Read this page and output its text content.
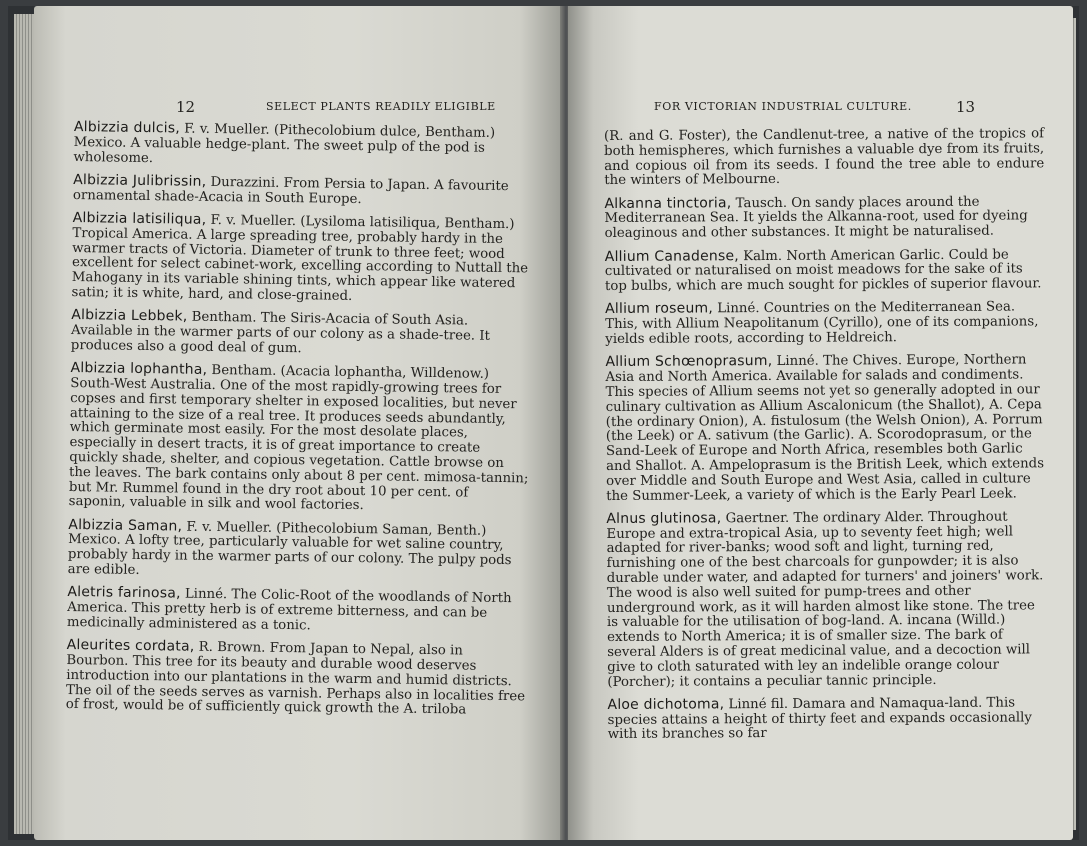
12	SELECT PLANTS READILY ELIGIBLE
Albizzia dulcis, F. v. Mueller. (Pithecolobium dulce, Bentham.) Mexico. A valuable hedge-plant. The sweet pulp of the pod is wholesome.
Albizzia Julibrissin, Durazzini. From Persia to Japan. A favourite ornamental shade-Acacia in South Europe.
Albizzia latisiliqua, F. v. Mueller. (Lysiloma latisiliqua, Bentham.) Tropical America. A large spreading tree, probably hardy in the warmer tracts of Victoria. Diameter of trunk to three feet; wood excellent for select cabinet-work, excelling according to Nuttall the Mahogany in its variable shining tints, which appear like watered satin; it is white, hard, and close-grained.
Albizzia Lebbek, Bentham. The Siris-Acacia of South Asia. Available in the warmer parts of our colony as a shade-tree. It produces also a good deal of gum.
Albizzia lophantha, Bentham. (Acacia lophantha, Willdenow.) South-West Australia. One of the most rapidly-growing trees for copses and first temporary shelter in exposed localities, but never attaining to the size of a real tree. It produces seeds abundantly, which germinate most easily. For the most desolate places, especially in desert tracts, it is of great importance to create quickly shade, shelter, and copious vegetation. Cattle browse on the leaves. The bark contains only about 8 per cent. mimosa-tannin; but Mr. Rummel found in the dry root about 10 per cent. of saponin, valuable in silk and wool factories.
Albizzia Saman, F. v. Mueller. (Pithecolobium Saman, Benth.) Mexico. A lofty tree, particularly valuable for wet saline country, probably hardy in the warmer parts of our colony. The pulpy pods are edible.
Aletris farinosa, Linné. The Colic-Root of the woodlands of North America. This pretty herb is of extreme bitterness, and can be medicinally administered as a tonic.
Aleurites cordata, R. Brown. From Japan to Nepal, also in Bourbon. This tree for its beauty and durable wood deserves introduction into our plantations in the warm and humid districts. The oil of the seeds serves as varnish. Perhaps also in localities free of frost, would be of sufficiently quick growth the A. triloba
FOR VICTORIAN INDUSTRIAL CULTURE.	13
(R. and G. Foster), the Candlenut-tree, a native of the tropics of both hemispheres, which furnishes a valuable dye from its fruits, and copious oil from its seeds. I found the tree able to endure the winters of Melbourne.
Alkanna tinctoria, Tausch. On sandy places around the Mediterranean Sea. It yields the Alkanna-root, used for dyeing oleaginous and other substances. It might be naturalised.
Allium Canadense, Kalm. North American Garlic. Could be cultivated or naturalised on moist meadows for the sake of its top bulbs, which are much sought for pickles of superior flavour.
Allium roseum, Linné. Countries on the Mediterranean Sea. This, with Allium Neapolitanum (Cyrillo), one of its companions, yields edible roots, according to Heldreich.
Allium Schœnoprasum, Linné. The Chives. Europe, Northern Asia and North America. Available for salads and condiments. This species of Allium seems not yet so generally adopted in our culinary cultivation as Allium Ascalonicum (the Shallot), A. Cepa (the ordinary Onion), A. fistulosum (the Welsh Onion), A. Porrum (the Leek) or A. sativum (the Garlic). A. Scorodoprasum, or the Sand-Leek of Europe and North Africa, resembles both Garlic and Shallot. A. Ampeloprasum is the British Leek, which extends over Middle and South Europe and West Asia, called in culture the Summer-Leek, a variety of which is the Early Pearl Leek.
Alnus glutinosa, Gaertner. The ordinary Alder. Throughout Europe and extra-tropical Asia, up to seventy feet high; well adapted for river-banks; wood soft and light, turning red, furnishing one of the best charcoals for gunpowder; it is also durable under water, and adapted for turners' and joiners' work. The wood is also well suited for pump-trees and other underground work, as it will harden almost like stone. The tree is valuable for the utilisation of bog-land. A. incana (Willd.) extends to North America; it is of smaller size. The bark of several Alders is of great medicinal value, and a decoction will give to cloth saturated with ley an indelible orange colour (Porcher); it contains a peculiar tannic principle.
Aloe dichotoma, Linné fil. Damara and Namaqua-land. This species attains a height of thirty feet and expands occasionally with its branches so far
